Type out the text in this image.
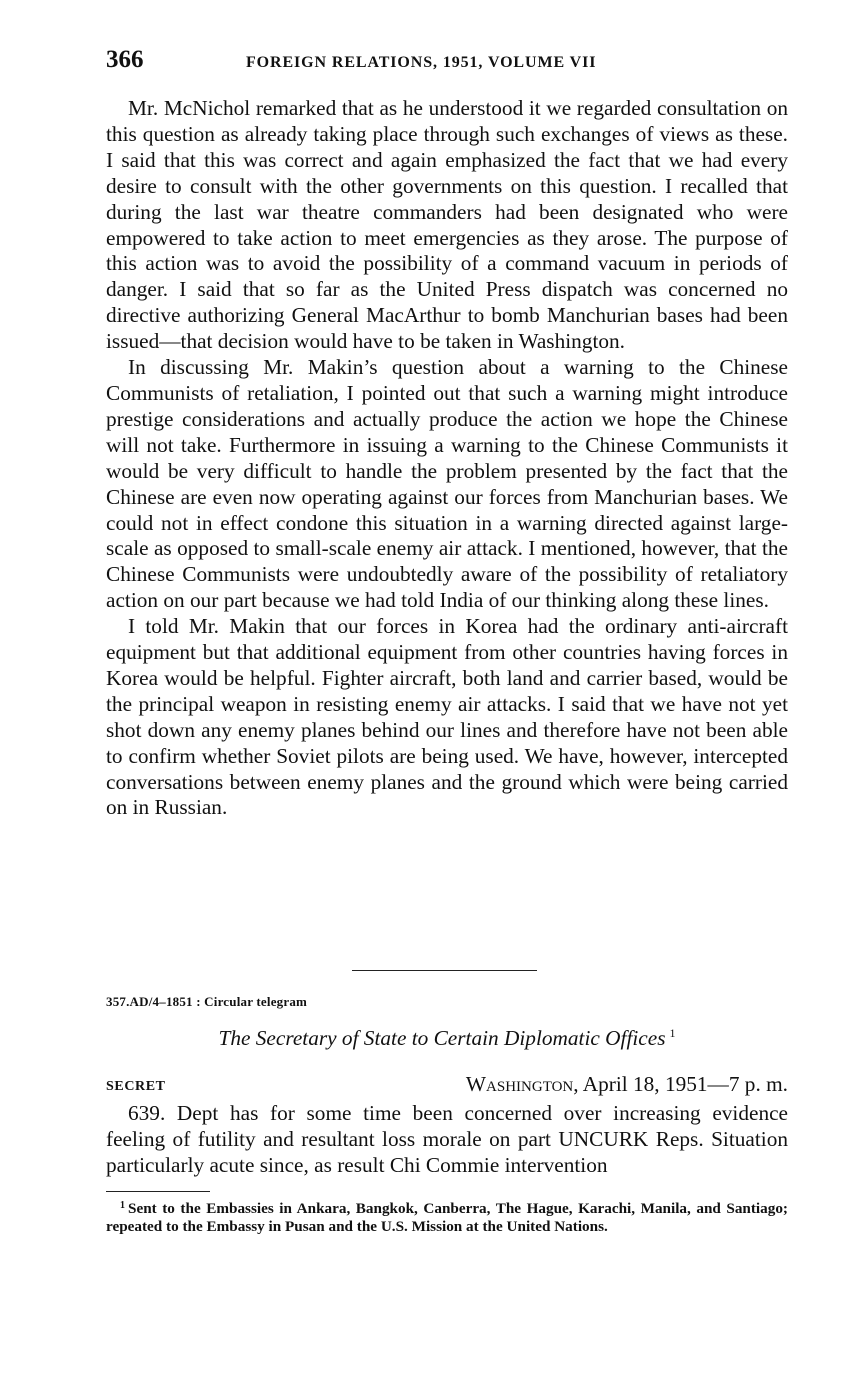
366	FOREIGN RELATIONS, 1951, VOLUME VII

Mr. McNichol remarked that as he understood it we regarded consultation on this question as already taking place through such exchanges of views as these. I said that this was correct and again emphasized the fact that we had every desire to consult with the other governments on this question. I recalled that during the last war theatre commanders had been designated who were empowered to take action to meet emergencies as they arose. The purpose of this action was to avoid the possibility of a command vacuum in periods of danger. I said that so far as the United Press dispatch was concerned no directive authorizing General MacArthur to bomb Manchurian bases had been issued—that decision would have to be taken in Washington.

In discussing Mr. Makin’s question about a warning to the Chinese Communists of retaliation, I pointed out that such a warning might introduce prestige considerations and actually produce the action we hope the Chinese will not take. Furthermore in issuing a warning to the Chinese Communists it would be very difficult to handle the problem presented by the fact that the Chinese are even now operating against our forces from Manchurian bases. We could not in effect condone this situation in a warning directed against large-scale as opposed to small-scale enemy air attack. I mentioned, however, that the Chinese Communists were undoubtedly aware of the possibility of retaliatory action on our part because we had told India of our thinking along these lines.

I told Mr. Makin that our forces in Korea had the ordinary anti-aircraft equipment but that additional equipment from other countries having forces in Korea would be helpful. Fighter aircraft, both land and carrier based, would be the principal weapon in resisting enemy air attacks. I said that we have not yet shot down any enemy planes behind our lines and therefore have not been able to confirm whether Soviet pilots are being used. We have, however, intercepted conversations between enemy planes and the ground which were being carried on in Russian.

357.AD/4–1851 : Circular telegram
The Secretary of State to Certain Diplomatic Offices $^1$
SECRET	Washington, April 18, 1951—7 p. m.

639. Dept has for some time been concerned over increasing evidence feeling of futility and resultant loss morale on part UNCURK Reps. Situation particularly acute since, as result Chi Commie intervention

$^1$ Sent to the Embassies in Ankara, Bangkok, Canberra, The Hague, Karachi, Manila, and Santiago; repeated to the Embassy in Pusan and the U.S. Mission at the United Nations.
